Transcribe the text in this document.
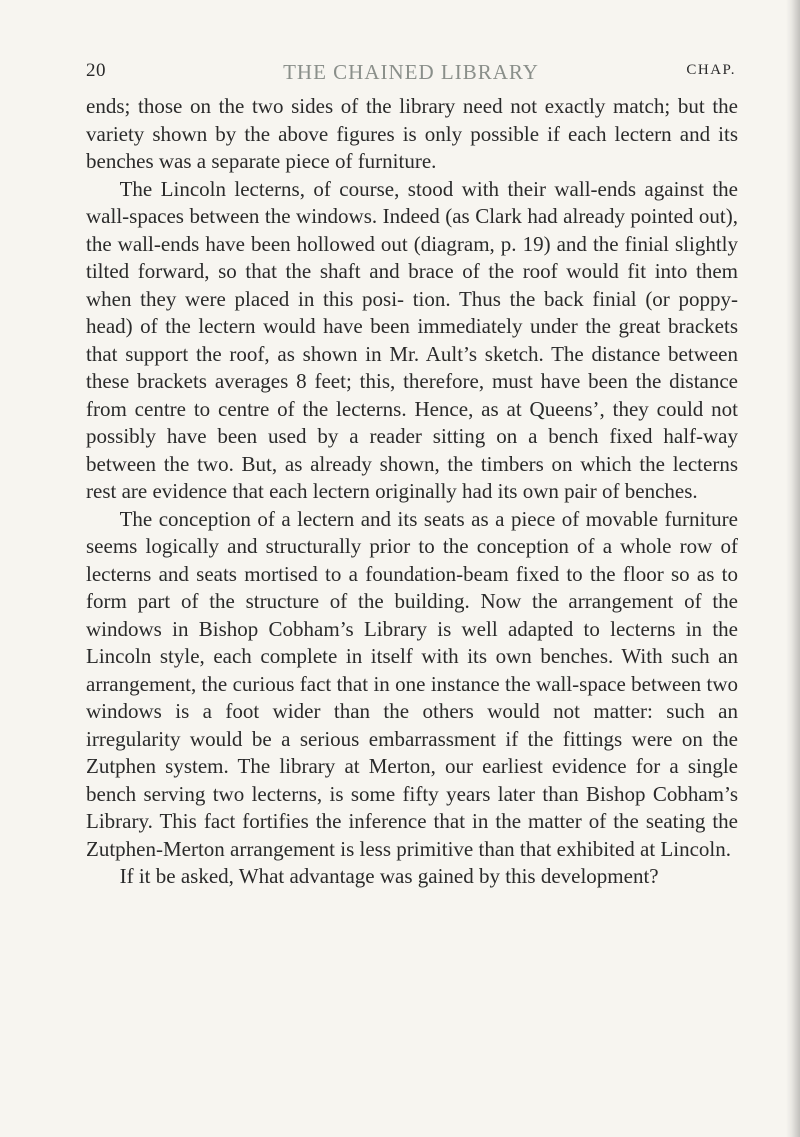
20	THE CHAINED LIBRARY	CHAP.

ends; those on the two sides of the library need not exactly match; but the variety shown by the above figures is only possible if each lectern and its benches was a separate piece of furniture.

The Lincoln lecterns, of course, stood with their wall-ends against the wall-spaces between the windows. Indeed (as Clark had already pointed out), the wall-ends have been hollowed out (diagram, p. 19) and the finial slightly tilted forward, so that the shaft and brace of the roof would fit into them when they were placed in this posi- tion. Thus the back finial (or poppy-head) of the lectern would have been immediately under the great brackets that support the roof, as shown in Mr. Ault’s sketch. The distance between these brackets averages 8 feet; this, therefore, must have been the distance from centre to centre of the lecterns. Hence, as at Queens’, they could not possibly have been used by a reader sitting on a bench fixed half-way between the two. But, as already shown, the timbers on which the lecterns rest are evidence that each lectern originally had its own pair of benches.

The conception of a lectern and its seats as a piece of movable furniture seems logically and structurally prior to the conception of a whole row of lecterns and seats mortised to a foundation-beam fixed to the floor so as to form part of the structure of the building. Now the arrangement of the windows in Bishop Cobham’s Library is well adapted to lecterns in the Lincoln style, each complete in itself with its own benches. With such an arrangement, the curious fact that in one instance the wall-space between two windows is a foot wider than the others would not matter: such an irregularity would be a serious embarrassment if the fittings were on the Zutphen system. The library at Merton, our earliest evidence for a single bench serving two lecterns, is some fifty years later than Bishop Cobham’s Library. This fact fortifies the inference that in the matter of the seating the Zutphen-Merton arrangement is less primitive than that exhibited at Lincoln.

If it be asked, What advantage was gained by this development?
